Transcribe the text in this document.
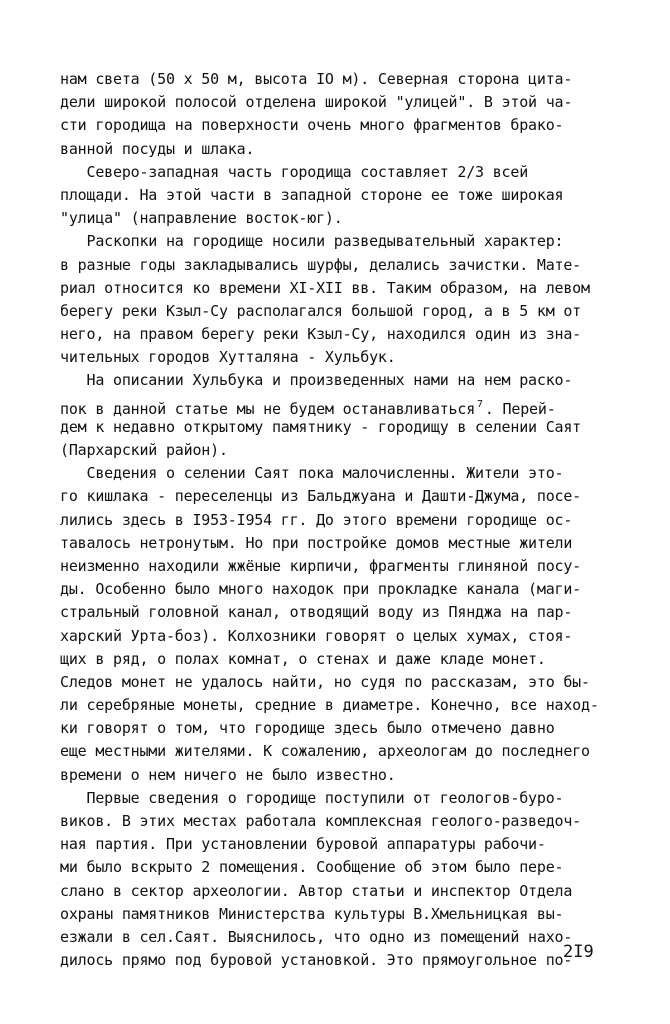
нам света (50 х 50 м, высота IO м). Северная сторона цита-
дели широкой полосой отделена широкой "улицей". В этой ча-
сти городища на поверхности очень много фрагментов брако-
ванной посуды и шлака.
Северо-западная часть городища составляет 2/3 всей
площади. На этой части в западной стороне ее тоже широкая
"улица" (направление восток-юг).
Раскопки на городище носили разведывательный характер:
в разные годы закладывались шурфы, делались зачистки. Мате-
риал относится ко времени XI-XII вв. Таким образом, на левом
берегу реки Кзыл-Су располагался большой город, а в 5 км от
него, на правом берегу реки Кзыл-Су, находился один из зна-
чительных городов Хутталяна - Хульбук.
На описании Хульбука и произведенных нами на нем раско-
пок в данной статье мы не будем останавливаться $^7$ . Перей-
дем к недавно открытому памятнику - городищу в селении Саят
(Пархарский район).
Сведения о селении Саят пока малочисленны. Жители это-
го кишлака - переселенцы из Бальджуана и Дашти-Джума, посе-
лились здесь в I953-I954 гг. До этого времени городище ос-
тавалось нетронутым. Но при постройке домов местные жители
неизменно находили жжёные кирпичи, фрагменты глиняной посу-
ды. Особенно было много находок при прокладке канала (маги-
стральный головной канал, отводящий воду из Пянджа на пар-
харский Урта-боз). Колхозники говорят о целых хумах, стоя-
щих в ряд, о полах комнат, о стенах и даже кладе монет.
Следов монет не удалось найти, но судя по рассказам, это бы-
ли серебряные монеты, средние в диаметре. Конечно, все наход-
ки говорят о том, что городище здесь было отмечено давно
еще местными жителями. К сожалению, археологам до последнего
времени о нем ничего не было известно.
Первые сведения о городище поступили от геологов-буро-
виков. В этих местах работала комплексная геолого-разведоч-
ная партия. При установлении буровой аппаратуры рабочи-
ми было вскрыто 2 помещения. Сообщение об этом было пере-
слано в сектор археологии. Автор статьи и инспектор Отдела
охраны памятников Министерства культуры В.Хмельницкая вы-
езжали в сел.Саят. Выяснилось, что одно из помещений нахо-
дилось прямо под буровой установкой. Это прямоугольное по-
2I9
